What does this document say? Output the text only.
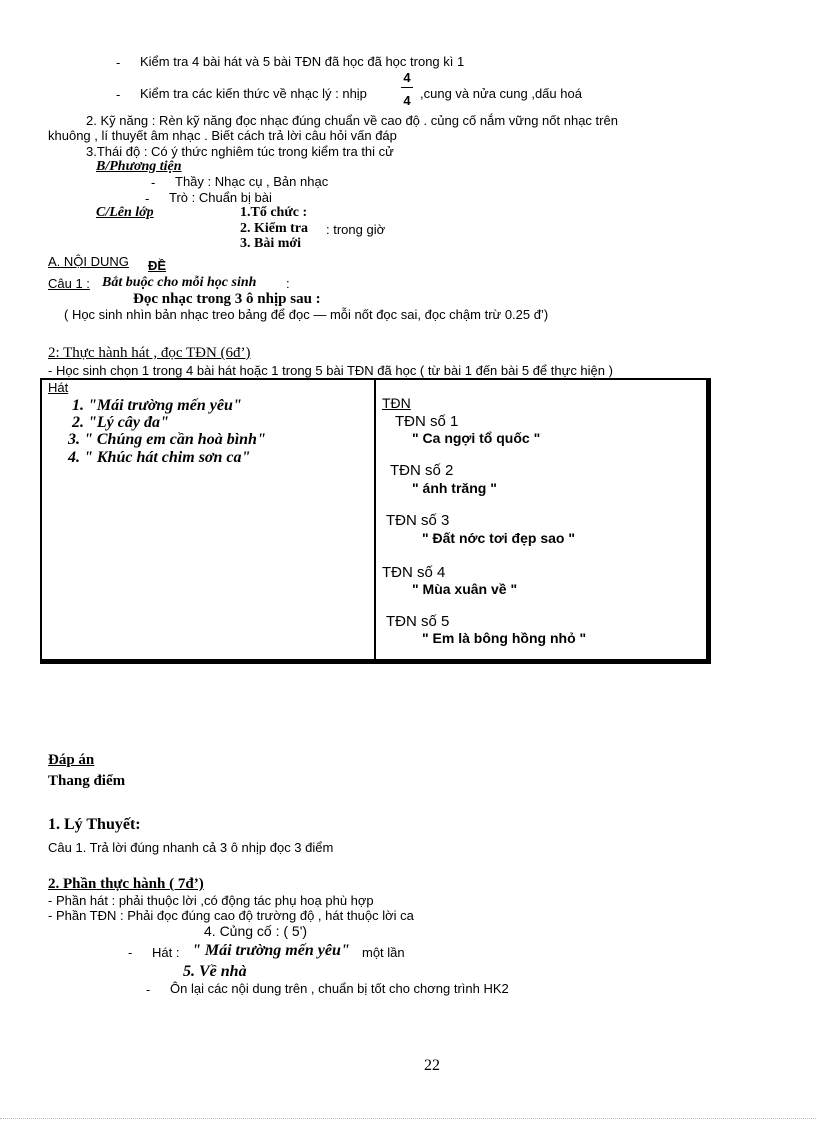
- Kiểm tra 4 bài hát và 5 bài TĐN đã học đã học trong kì 1
- Kiểm tra các kiến thức về nhạc lý : nhịp
4
4 ,cung và nửa cung ,dấu hoá
2. Kỹ năng : Rèn kỹ năng đọc nhạc đúng chuẩn về cao độ . củng cố nắm vững nốt nhạc trên
khuông , lí thuyết âm nhạc . Biết cách trả lời câu hỏi vấn đáp
3.Thái độ : Có ý thức nghiêm túc trong kiểm tra thi cử
B/Phương tiện
- Thầy : Nhạc cụ , Bản nhạc
- Trò : Chuẩn bị bài
C/Lên lớp	1.Tổ chức :
2. Kiểm tra : trong giờ
3. Bài mới
A. NỘI DUNG ĐỀ
Câu 1 : Bắt buộc cho mỗi học sinh :
Đọc nhạc trong 3 ô nhịp sau :
( Học sinh nhìn bản nhạc treo bảng để đọc — mỗi nốt đọc sai, đọc chậm trừ 0.25 đ’)
2: Thực hành hát , đọc TĐN (6đ’)
- Học sinh chọn 1 trong 4 bài hát hoặc 1 trong 5 bài TĐN đã học ( từ bài 1 đến bài 5 để thực hiện )
Hát
1. "Mái trường mến yêu"
2. "Lý cây đa"
3. " Chúng em cần hoà bình"
4. " Khúc hát chim sơn ca"
TĐN
TĐN số 1
" Ca ngợi tổ quốc "
TĐN số 2
" ánh trăng "
TĐN số 3
" Đất nớc tơi đẹp sao "
TĐN số 4
" Mùa xuân về "
TĐN số 5
" Em là bông hồng nhỏ "
Đáp án
Thang điểm
1. Lý Thuyết:
Câu 1. Trả lời đúng nhanh cả 3 ô nhịp đọc 3 điểm
2. Phần thực hành ( 7đ’)
- Phần hát : phải thuộc lời ,có động tác phụ hoạ phù hợp
- Phần TĐN : Phải đọc đúng cao độ trường độ , hát thuộc lời ca
4. Củng cố : ( 5')
- Hát : " Mái trường mến yêu" một lần
5. Về nhà
- Ôn lại các nội dung trên , chuẩn bị tốt cho chơng trình HK2
22
